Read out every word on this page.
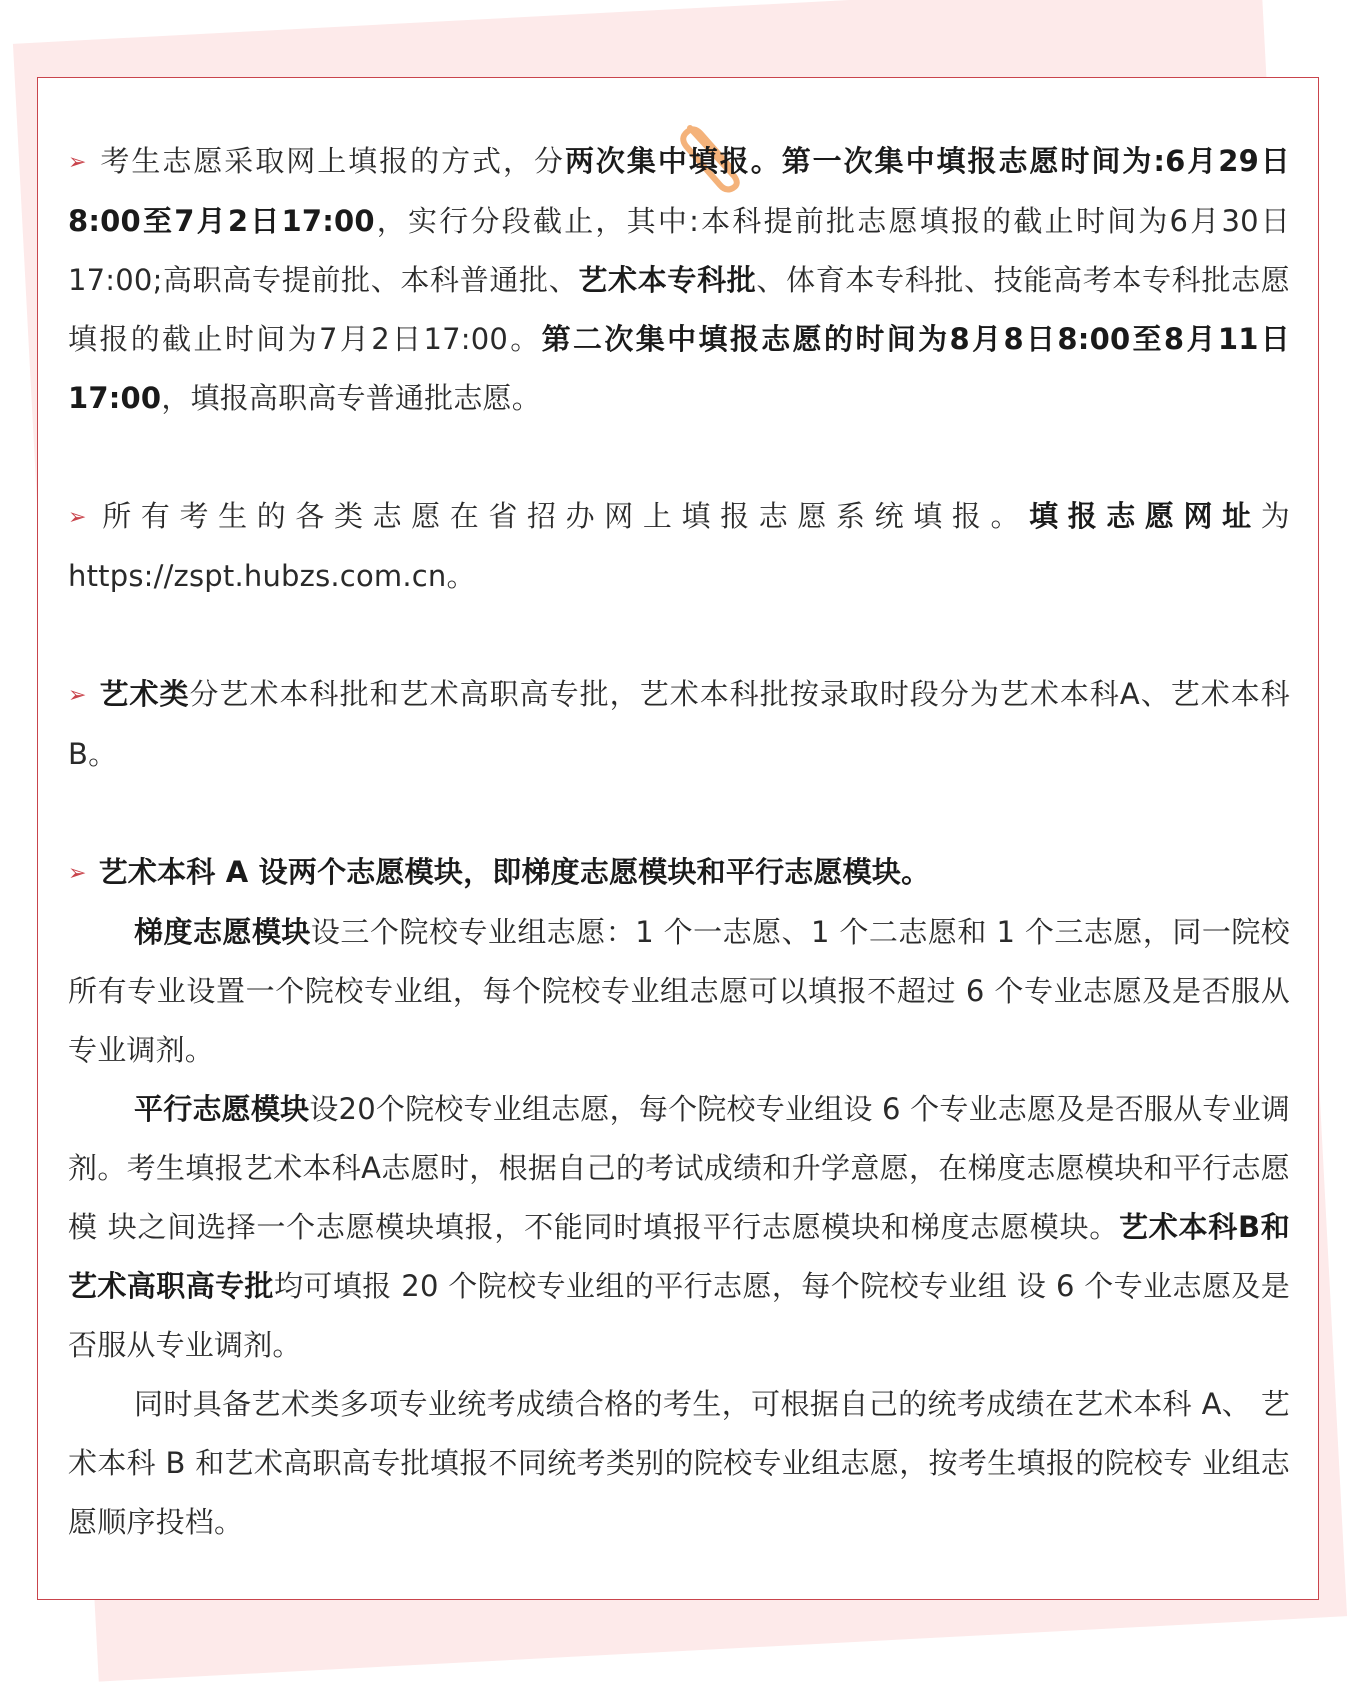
➢ 考生志愿采取网上填报的方式，分两次集中填报。第一次集中填报志愿时间为:6月29日8:00至7月2日17:00，实行分段截止，其中:本科提前批志愿填报的截止时间为6月30日17:00;高职高专提前批、本科普通批、艺术本专科批、体育本专科批、技能高考本专科批志愿填报的截止时间为7月2日17:00。第二次集中填报志愿的时间为8月8日8:00至8月11日17:00，填报高职高专普通批志愿。

➢ 所有考生的各类志愿在省招办网上填报志愿系统填报。填报志愿网址为https://zspt.hubzs.com.cn。

➢ 艺术类分艺术本科批和艺术高职高专批，艺术本科批按录取时段分为艺术本科A、艺术本科B。

➢ 艺术本科 A 设两个志愿模块，即梯度志愿模块和平行志愿模块。

梯度志愿模块设三个院校专业组志愿：1 个一志愿、1 个二志愿和 1 个三志愿，同一院校所有专业设置一个院校专业组，每个院校专业组志愿可以填报不超过 6 个专业志愿及是否服从专业调剂。

平行志愿模块设20个院校专业组志愿，每个院校专业组设 6 个专业志愿及是否服从专业调剂。考生填报艺术本科A志愿时，根据自己的考试成绩和升学意愿，在梯度志愿模块和平行志愿模 块之间选择一个志愿模块填报，不能同时填报平行志愿模块和梯度志愿模块。艺术本科B和艺术高职高专批均可填报 20 个院校专业组的平行志愿，每个院校专业组 设 6 个专业志愿及是否服从专业调剂。

同时具备艺术类多项专业统考成绩合格的考生，可根据自己的统考成绩在艺术本科 A、 艺术本科 B 和艺术高职高专批填报不同统考类别的院校专业组志愿，按考生填报的院校专 业组志愿顺序投档。
